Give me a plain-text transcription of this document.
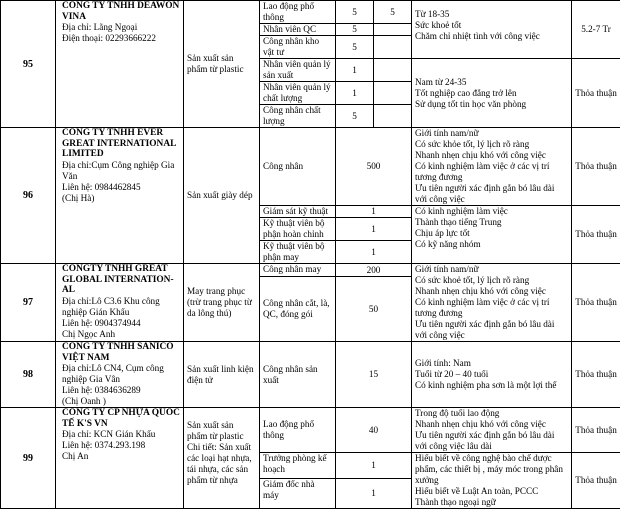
95	CÔNG TY TNHH DEAWON VINA
Địa chỉ: Lãng Ngoại
Điện thoại: 02293666222	Sản xuất sản phẩm từ plastic	Lao động phổ thông	5	5	Từ 18-35
Sức khoẻ tốt
Chăm chỉ nhiệt tình với công việc	5.2-7 Tr
			Nhân viên QC	5			
			Công nhân kho vật tư	5			
			Nhân viên quản lý sản xuất	1		Nam từ 24-35
Tốt nghiệp cao đẳng trở lên
Sử dụng tốt tin học văn phòng	Thỏa thuận
			Nhân viên quản lý chất lượng	1			
			Công nhân chất lượng	5			
96	CÔNG TY TNHH EVER GREAT INTERNATIONAL LIMITED
Địa chỉ:Cụm Công nghiệp Gia Văn
Liên hệ: 0984462845
(Chị Hà)	Sản xuất giày dép	Công nhân	500		Giới tính nam/nữ
Có sức khỏe tốt, lý lịch rõ ràng
Nhanh nhẹn chịu khó với công việc
Có kinh nghiệm làm việc ở các vị trí tương đương
Ưu tiên người xác định gắn bó lâu dài với công việc	Thỏa thuận
			Giám sát kỹ thuật	1		Có kinh nghiệm làm việc
Thành thạo tiếng Trung
Chịu áp lực tốt
Có kỹ năng nhóm	Thỏa thuận
			Kỹ thuật viên bộ phận hoàn chỉnh	1			
			Kỹ thuật viên bộ phận may	1			
97	CÔNGTY TNHH GREAT GLOBAL INTERNATION-AL
Địa chỉ:Lô C3.6 Khu công nghiệp Gián Khẩu
Liên hệ: 0904374944
Chị Ngọc Anh	May trang phục (trừ trang phục từ da lông thú)	Công nhân may	200		Giới tính nam/nữ
Có sức khoẻ tốt, lý lịch rõ ràng
Nhanh nhẹn chịu khó với công việc
Có kinh nghiệm làm việc ở các vị trí tương đương
Ưu tiên người xác định gắn bó lâu dài với công việc	Thỏa thuận
			Công nhân cắt, là, QC, đóng gói	50			
98	CÔNG TY TNHH SANICO VIỆT NAM
Địa chỉ:Lô CN4, Cụm công nghiệp Gia Vân
Liên hệ: 0384636289
(Chị Oanh )	Sản xuất linh kiện điện tử	Công nhân sản xuất	15		Giới tính: Nam
Tuổi từ 20 – 40 tuổi
Có kinh nghiệm pha sơn là một lợi thế	Thỏa thuận
99	CÔNG TY CP NHỰA QUỐC TẾ K'S VN
Địa chỉ: KCN Gián Khẩu
Liên hệ: 0374.293.198
Chị An	Sản xuất sản phẩm từ plastic
Chi tiết: Sản xuất các loại hạt nhựa, tái nhựa, các sản phẩm từ nhựa	Lao động phổ thông	40		Trong độ tuổi lao động
Nhanh nhẹn chịu khó với công việc
Ưu tiên người xác định gắn bó lâu dài với công việc lâu dài	Thỏa thuận
			Trưởng phòng kế hoạch	1		Hiểu biết về công nghệ bào chế dược phẩm, các thiết bị , máy móc trong phân xưởng
Hiểu biết về Luật An toàn, PCCC
Thành thạo ngoại ngữ	Thỏa thuận
			Giám đốc nhà máy	1			
